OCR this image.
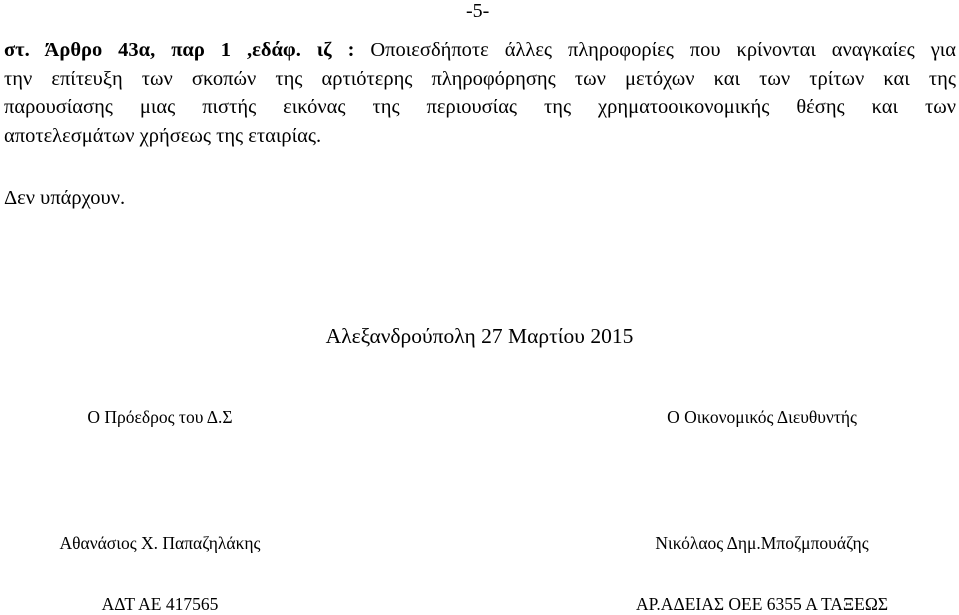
-5-
στ. Άρθρο 43α, παρ 1 ,εδάφ. ιζ : Οποιεσδήποτε άλλες πληροφορίες που κρίνονται αναγκαίες για
την επίτευξη των σκοπών της αρτιότερης πληροφόρησης των μετόχων και των τρίτων και της
παρουσίασης μιας πιστής εικόνας της περιουσίας της χρηματοοικονομικής θέσης και των
αποτελεσμάτων χρήσεως της εταιρίας.
Δεν υπάρχουν.
Αλεξανδρούπολη 27 Μαρτίου 2015
Ο Πρόεδρος του Δ.Σ	Ο Οικονομικός Διευθυντής
Αθανάσιος Χ. Παπαζηλάκης	Νικόλαος Δημ.Μποζμπουάζης
ΑΔΤ ΑΕ 417565	ΑΡ.ΑΔΕΙΑΣ ΟΕΕ 6355 Α ΤΑΞΕΩΣ
